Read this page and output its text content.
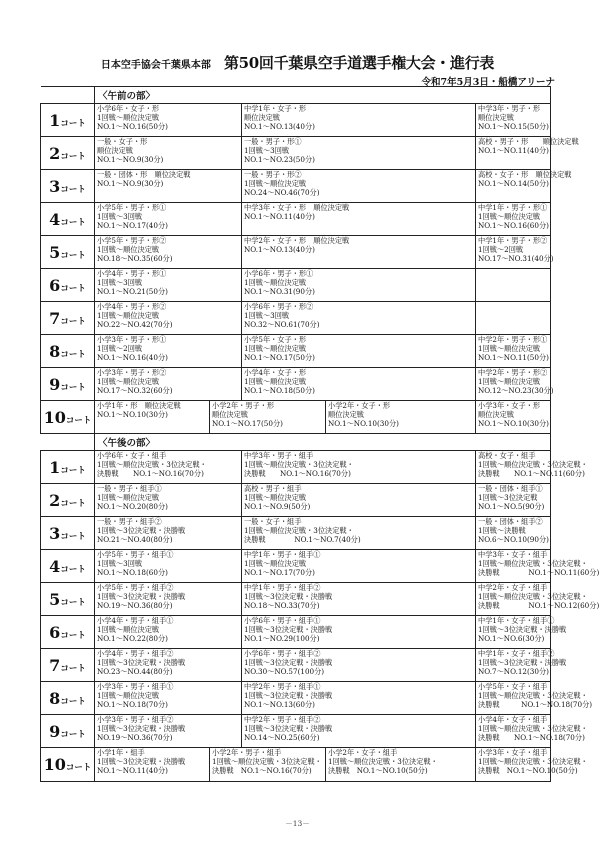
日本空手協会千葉県本部 第50回千葉県空手道選手権大会・進行表
令和7年5月3日・船橋アリーナ
	〈午前の部〉				
1コート	小学6年・女子・形
1回戦～順位決定戦
NO.1～NO.16(50分)		中学1年・女子・形
順位決定戦
NO.1～NO.13(40分)		中学3年・男子・形
順位決定戦
NO.1～NO.15(50分)

2コート	一般・女子・形
順位決定戦
NO.1～NO.9(30分)		一般・男子・形①
1回戦～3回戦
NO.1～NO.23(50分)		高校・男子・形　　順位決定戦
NO.1～NO.11(40分)

3コート	一般・団体・形　順位決定戦
NO.1～NO.9(30分)		一般・男子・形②
1回戦～順位決定戦
NO.24～NO.46(70分)		高校・女子・形　順位決定戦
NO.1～NO.14(50分)

4コート	小学5年・男子・形①
1回戦～3回戦
NO.1～NO.17(40分)		中学3年・女子・形　順位決定戦
NO.1～NO.11(40分)		中学1年・男子・形①
1回戦～順位決定戦
NO.1～NO.16(60分)

5コート	小学5年・男子・形②
1回戦～順位決定戦
NO.18～NO.35(60分)		中学2年・女子・形　順位決定戦
NO.1～NO.13(40分)		中学1年・男子・形②
1回戦～2回戦
NO.17～NO.31(40分)

6コート	小学4年・男子・形①
1回戦～3回戦
NO.1～NO.21(50分)		小学6年・男子・形①
1回戦～順位決定戦
NO.1～NO.31(90分)		

7コート	小学4年・男子・形②
1回戦～順位決定戦
NO.22～NO.42(70分)		小学6年・男子・形②
1回戦～3回戦
NO.32～NO.61(70分)		

8コート	小学3年・男子・形①
1回戦～2回戦
NO.1～NO.16(40分)		小学5年・女子・形
1回戦～順位決定戦
NO.1～NO.17(50分)		中学2年・男子・形①
1回戦～順位決定戦
NO.1～NO.11(50分)

9コート	小学3年・男子・形②
1回戦～順位決定戦
NO.17～NO.32(60分)		小学4年・女子・形
1回戦～順位決定戦
NO.1～NO.18(50分)		中学2年・男子・形②
1回戦～順位決定戦
NO.12～NO.23(30分)

10コート	小学1年・形　順位決定戦
NO.1～NO.10(30分)	小学2年・男子・形
順位決定戦
NO.1～NO.17(50分)		小学2年・女子・形
順位決定戦
NO.1～NO.10(30分)	小学3年・女子・形
順位決定戦
NO.1～NO.10(30分)

	〈午後の部〉				
1コート	小学6年・女子・組手
1回戦～順位決定戦・3位決定戦・
決勝戦　　NO.1～NO.16(70分)		中学3年・男子・組手
1回戦～順位決定戦・3位決定戦・
決勝戦　　NO.1～NO.16(70分)		高校・女子・組手
1回戦～順位決定戦・3位決定戦・
決勝戦　　NO.1～NO.11(60分)

2コート	一般・男子・組手①
1回戦～順位決定戦
NO.1～NO.20(80分)		高校・男子・組手
1回戦～順位決定戦
NO.1～NO.9(50分)		一般・団体・組手①
1回戦～3位決定戦
NO.1～NO.5(90分)

3コート	一般・男子・組手②
1回戦～3位決定戦・決勝戦
NO.21～NO.40(80分)		一般・女子・組手
1回戦～順位決定戦・3位決定戦・
決勝戦　　　　NO.1～NO.7(40分)		一般・団体・組手②
1回戦～決勝戦
NO.6～NO.10(90分)

4コート	小学5年・男子・組手①
1回戦～3回戦
NO.1～NO.18(60分)		中学1年・男子・組手①
1回戦～順位決定戦
NO.1～NO.17(70分)		中学3年・女子・組手
1回戦～順位決定戦・3位決定戦・
決勝戦　　　　NO.1～NO.11(60分)

5コート	小学5年・男子・組手②
1回戦～3位決定戦・決勝戦
NO.19～NO.36(80分)		中学1年・男子・組手②
1回戦～3位決定戦・決勝戦
NO.18～NO.33(70分)		中学2年・女子・組手
1回戦～順位決定戦・3位決定戦・
決勝戦　　　　NO.1～NO.12(60分)

6コート	小学4年・男子・組手①
1回戦～順位決定戦
NO.1～NO.22(80分)		小学6年・男子・組手①
1回戦～3位決定戦・決勝戦
NO.1～NO.29(100分)		中学1年・女子・組手①
1回戦～3位決定戦・決勝戦
NO.1～NO.6(30分)

7コート	小学4年・男子・組手②
1回戦～3位決定戦・決勝戦
NO.23～NO.44(80分)		小学6年・男子・組手②
1回戦～3位決定戦・決勝戦
NO.30～NO.57(100分)		中学1年・女子・組手②
1回戦～3位決定戦・決勝戦
NO.7～NO.12(30分)

8コート	小学3年・男子・組手①
1回戦～順位決定戦
NO.1～NO.18(70分)		中学2年・男子・組手①
1回戦～3位決定戦・決勝戦
NO.1～NO.13(60分)		小学5年・女子・組手
1回戦～順位決定戦・3位決定戦・
決勝戦　　　NO.1～NO.18(70分)

9コート	小学3年・男子・組手②
1回戦～3位決定戦・決勝戦
NO.19～NO.36(70分)		中学2年・男子・組手②
1回戦～3位決定戦・決勝戦
NO.14～NO.25(60分)		小学4年・女子・組手
1回戦～順位決定戦・3位決定戦・
決勝戦　　NO.1～NO.18(70分)

10コート	小学1年・組手
1回戦～3位決定戦・決勝戦
NO.1～NO.11(40分)	小学2年・男子・組手
1回戦～順位決定戦・3位決定戦・
決勝戦　NO.1～NO.16(70分)		小学2年・女子・組手
1回戦～順位決定戦・3位決定戦・
決勝戦　NO.1～NO.10(50分)	小学3年・女子・組手
1回戦～順位決定戦・3位決定戦・
決勝戦　NO.1～NO.10(50分)
－13－
